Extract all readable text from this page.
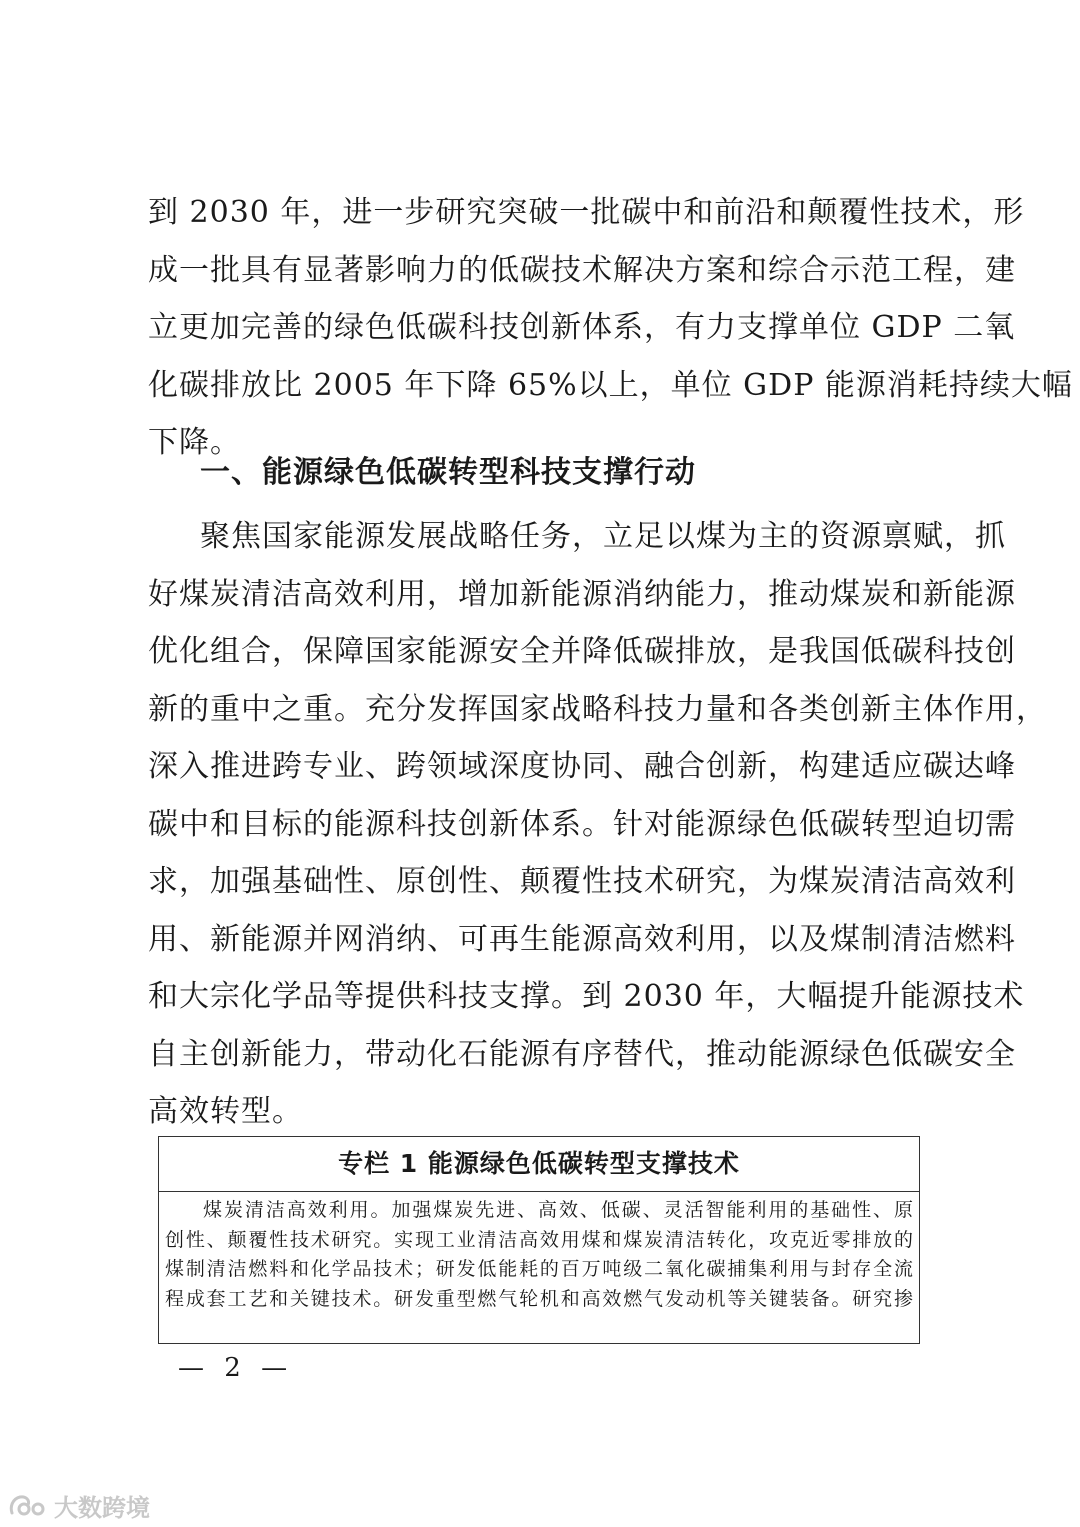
到 2030 年，进一步研究突破一批碳中和前沿和颠覆性技术，形
成一批具有显著影响力的低碳技术解决方案和综合示范工程，建
立更加完善的绿色低碳科技创新体系，有力支撑单位 GDP 二氧
化碳排放比 2005 年下降 65%以上，单位 GDP 能源消耗持续大幅
下降。
一、能源绿色低碳转型科技支撑行动
聚焦国家能源发展战略任务，立足以煤为主的资源禀赋，抓
好煤炭清洁高效利用，增加新能源消纳能力，推动煤炭和新能源
优化组合，保障国家能源安全并降低碳排放，是我国低碳科技创
新的重中之重。充分发挥国家战略科技力量和各类创新主体作用，
深入推进跨专业、跨领域深度协同、融合创新，构建适应碳达峰
碳中和目标的能源科技创新体系。针对能源绿色低碳转型迫切需
求，加强基础性、原创性、颠覆性技术研究，为煤炭清洁高效利
用、新能源并网消纳、可再生能源高效利用，以及煤制清洁燃料
和大宗化学品等提供科技支撑。到 2030 年，大幅提升能源技术
自主创新能力，带动化石能源有序替代，推动能源绿色低碳安全
高效转型。
专栏 1 能源绿色低碳转型支撑技术
煤炭清洁高效利用。加强煤炭先进、高效、低碳、灵活智能利用的基础性、原
创性、颠覆性技术研究。实现工业清洁高效用煤和煤炭清洁转化，攻克近零排放的
煤制清洁燃料和化学品技术；研发低能耗的百万吨级二氧化碳捕集利用与封存全流
程成套工艺和关键技术。研发重型燃气轮机和高效燃气发动机等关键装备。研究掺
— 2 —
大数跨境
